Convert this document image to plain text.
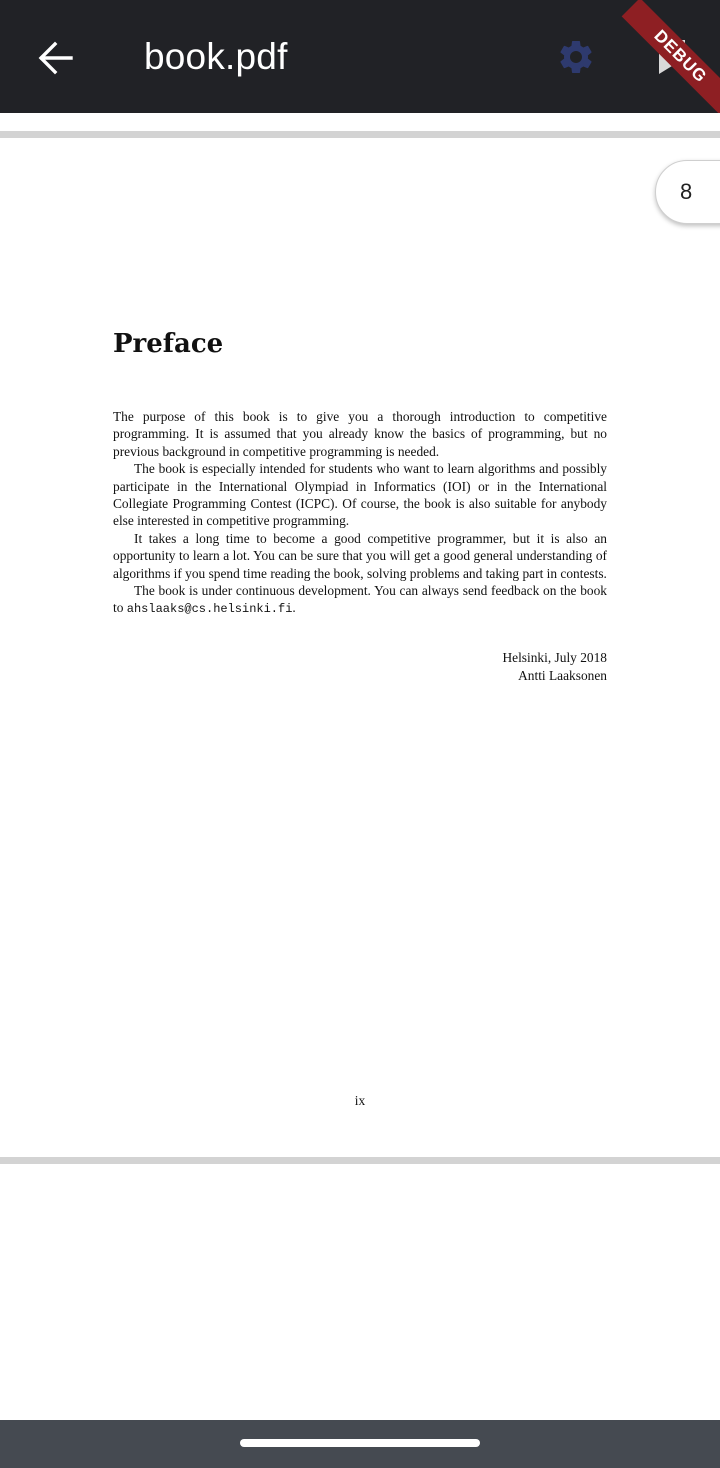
book.pdf	DEBUG
Preface

The purpose of this book is to give you a thorough introduction to competitive programming. It is assumed that you already know the basics of programming, but no previous background in competitive programming is needed.

The book is especially intended for students who want to learn algorithms and possibly participate in the International Olympiad in Informatics (IOI) or in the International Collegiate Programming Contest (ICPC). Of course, the book is also suitable for anybody else interested in competitive programming.

It takes a long time to become a good competitive programmer, but it is also an opportunity to learn a lot. You can be sure that you will get a good general understanding of algorithms if you spend time reading the book, solving problems and taking part in contests.

The book is under continuous development. You can always send feedback on the book to ahslaaks@cs.helsinki.fi.

Helsinki, July 2018
Antti Laaksonen
ix
8
